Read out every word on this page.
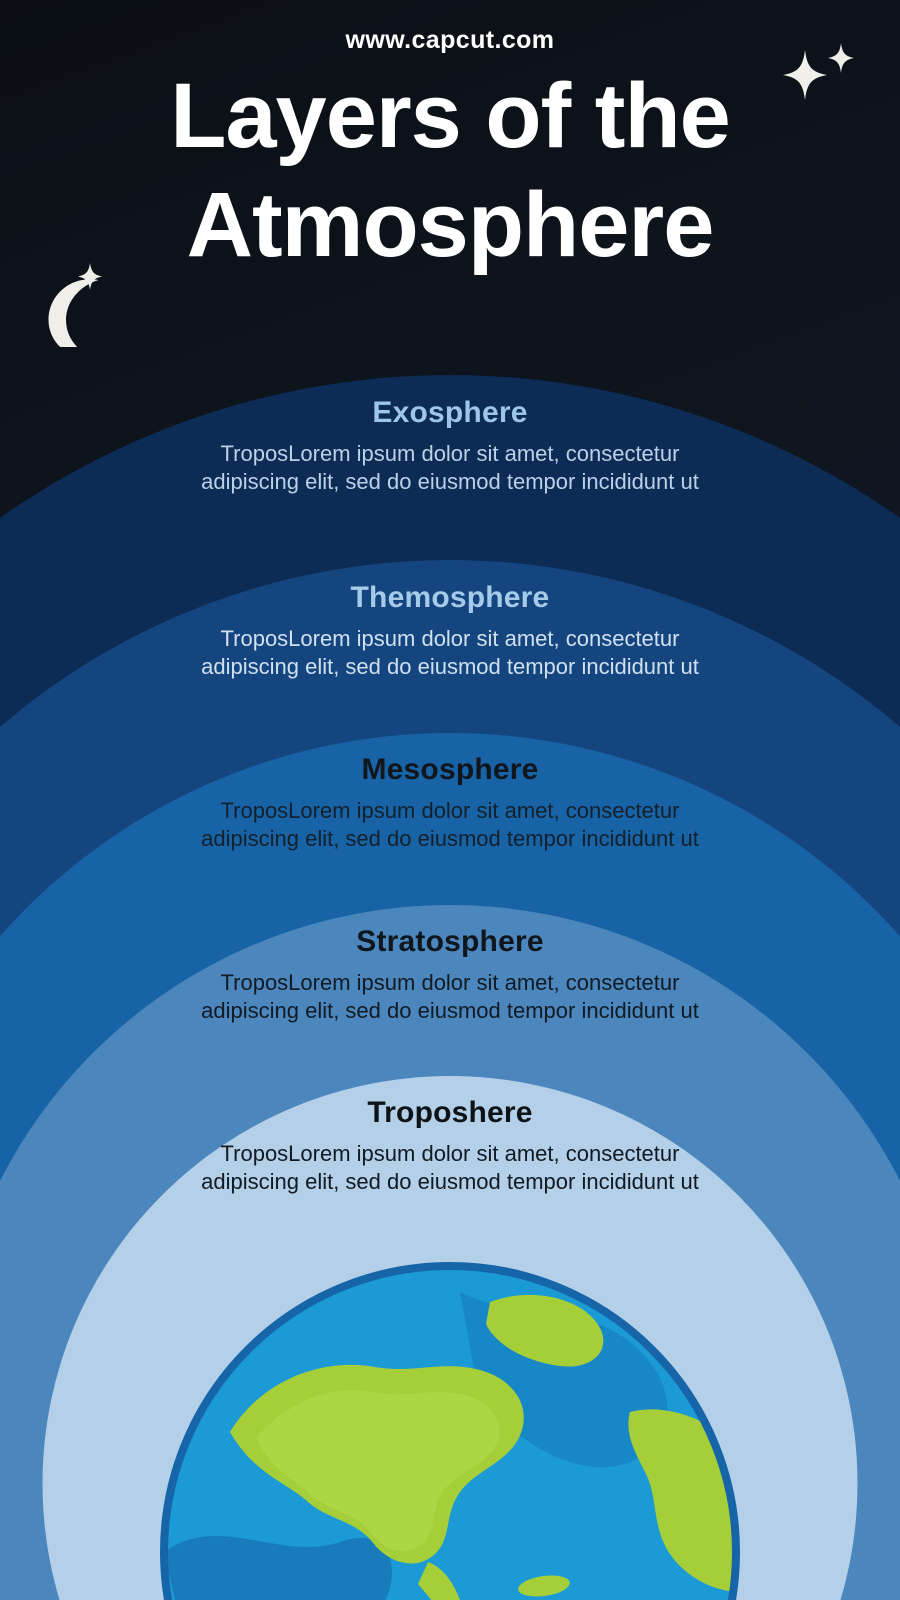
www.capcut.com
Layers of the
Atmosphere
Exosphere
TroposLorem ipsum dolor sit amet, consectetur adipiscing elit, sed do eiusmod tempor incididunt ut
Themosphere
TroposLorem ipsum dolor sit amet, consectetur adipiscing elit, sed do eiusmod tempor incididunt ut
Mesosphere
TroposLorem ipsum dolor sit amet, consectetur adipiscing elit, sed do eiusmod tempor incididunt ut
Stratosphere
TroposLorem ipsum dolor sit amet, consectetur adipiscing elit, sed do eiusmod tempor incididunt ut
Troposhere
TroposLorem ipsum dolor sit amet, consectetur adipiscing elit, sed do eiusmod tempor incididunt ut
